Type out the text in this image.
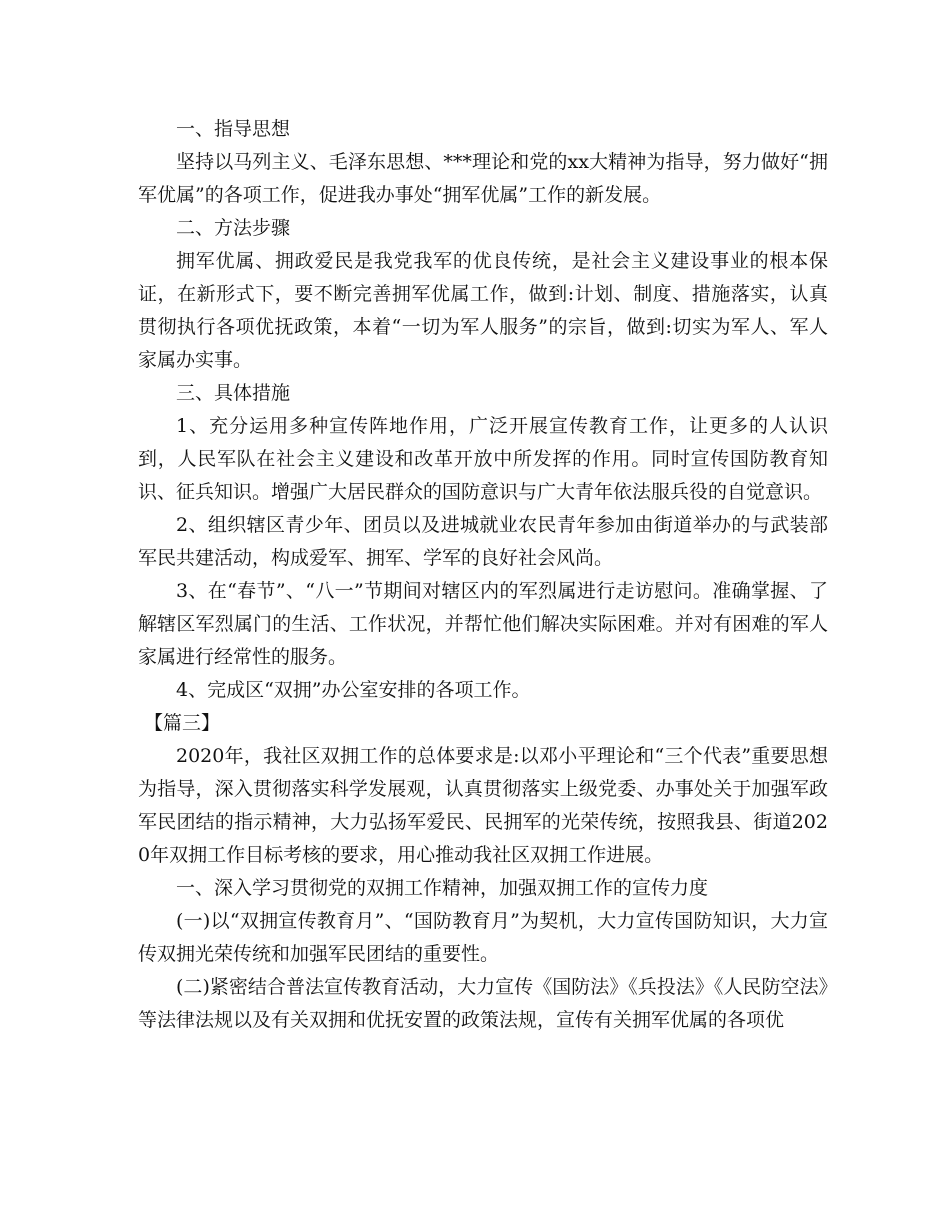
一、指导思想

坚持以马列主义、毛泽东思想、***理论和党的xx大精神为指导，努力做好“拥军优属”的各项工作，促进我办事处“拥军优属”工作的新发展。

二、方法步骤

拥军优属、拥政爱民是我党我军的优良传统，是社会主义建设事业的根本保证，在新形式下，要不断完善拥军优属工作，做到:计划、制度、措施落实，认真贯彻执行各项优抚政策，本着“一切为军人服务”的宗旨，做到:切实为军人、军人家属办实事。

三、具体措施

1、充分运用多种宣传阵地作用，广泛开展宣传教育工作，让更多的人认识到，人民军队在社会主义建设和改革开放中所发挥的作用。同时宣传国防教育知识、征兵知识。增强广大居民群众的国防意识与广大青年依法服兵役的自觉意识。

2、组织辖区青少年、团员以及进城就业农民青年参加由街道举办的与武装部军民共建活动，构成爱军、拥军、学军的良好社会风尚。

3、在“春节”、“八一”节期间对辖区内的军烈属进行走访慰问。准确掌握、了解辖区军烈属门的生活、工作状况，并帮忙他们解决实际困难。并对有困难的军人家属进行经常性的服务。

4、完成区“双拥”办公室安排的各项工作。

【篇三】

2020年，我社区双拥工作的总体要求是:以邓小平理论和“三个代表”重要思想为指导，深入贯彻落实科学发展观，认真贯彻落实上级党委、办事处关于加强军政军民团结的指示精神，大力弘扬军爱民、民拥军的光荣传统，按照我县、街道2020年双拥工作目标考核的要求，用心推动我社区双拥工作进展。

一、深入学习贯彻党的双拥工作精神，加强双拥工作的宣传力度

(一)以“双拥宣传教育月”、“国防教育月”为契机，大力宣传国防知识，大力宣传双拥光荣传统和加强军民团结的重要性。

(二)紧密结合普法宣传教育活动，大力宣传《国防法》《兵投法》《人民防空法》等法律法规以及有关双拥和优抚安置的政策法规，宣传有关拥军优属的各项优
